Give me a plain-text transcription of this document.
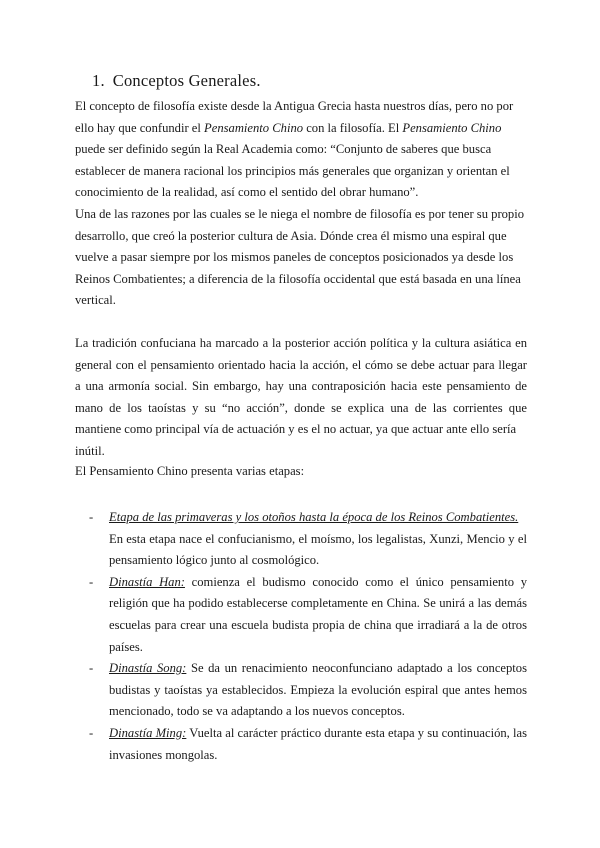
1. Conceptos Generales.

El concepto de filosofía existe desde la Antigua Grecia hasta nuestros días, pero no por ello hay que confundir el Pensamiento Chino con la filosofía. El Pensamiento Chino puede ser definido según la Real Academia como: “Conjunto de saberes que busca establecer de manera racional los principios más generales que organizan y orientan el conocimiento de la realidad, así como el sentido del obrar humano”.

Una de las razones por las cuales se le niega el nombre de filosofía es por tener su propio desarrollo, que creó la posterior cultura de Asia. Dónde crea él mismo una espiral que vuelve a pasar siempre por los mismos paneles de conceptos posicionados ya desde los Reinos Combatientes; a diferencia de la filosofía occidental que está basada en una línea vertical.

La tradición confuciana ha marcado a la posterior acción política y la cultura asiática en general con el pensamiento orientado hacia la acción, el cómo se debe actuar para llegar a una armonía social. Sin embargo, hay una contraposición hacia este pensamiento de mano de los taoístas y su “no acción”, donde se explica una de las corrientes que mantiene como principal vía de actuación y es el no actuar, ya que actuar ante ello sería
inútil.

El Pensamiento Chino presenta varias etapas:

- Etapa de las primaveras y los otoños hasta la época de los Reinos Combatientes.
En esta etapa nace el confucianismo, el moísmo, los legalistas, Xunzi, Mencio y el pensamiento lógico junto al cosmológico.
- Dinastía Han: comienza el budismo conocido como el único pensamiento y religión que ha podido establecerse completamente en China. Se unirá a las demás escuelas para crear una escuela budista propia de china que irradiará a la de otros países.
- Dinastía Song: Se da un renacimiento neoconfunciano adaptado a los conceptos budistas y taoístas ya establecidos. Empieza la evolución espiral que antes hemos mencionado, todo se va adaptando a los nuevos conceptos.
- Dinastía Ming: Vuelta al carácter práctico durante esta etapa y su continuación, las invasiones mongolas.
